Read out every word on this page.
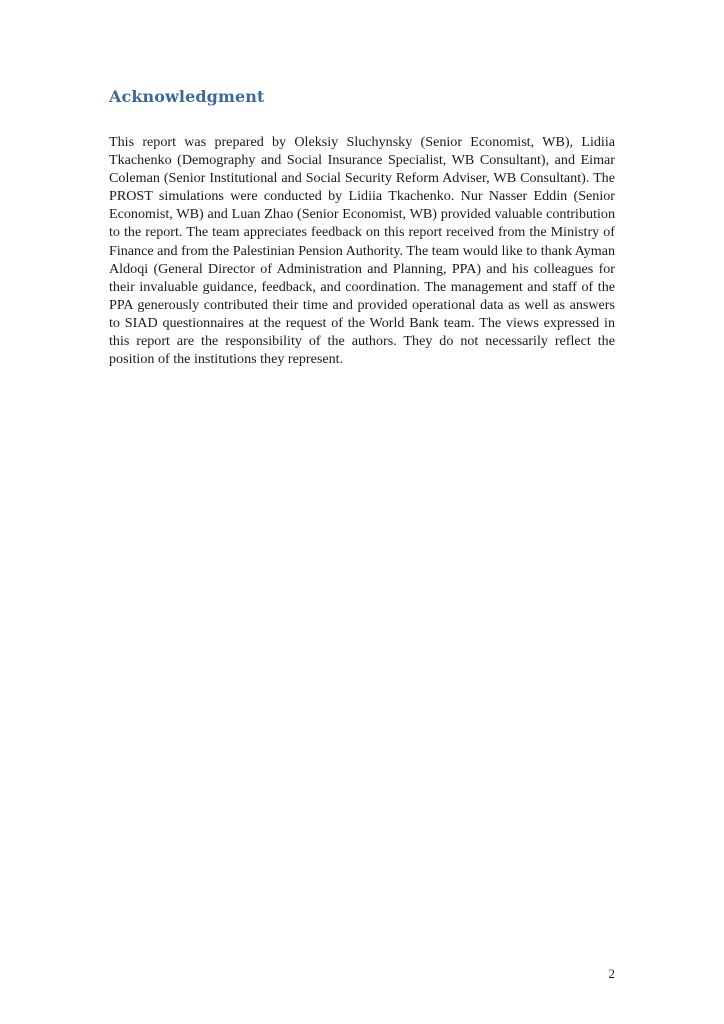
Acknowledgment

This report was prepared by Oleksiy Sluchynsky (Senior Economist, WB), Lidiia Tkachenko (Demography and Social Insurance Specialist, WB Consultant), and Eimar Coleman (Senior Institutional and Social Security Reform Adviser, WB Consultant). The PROST simulations were conducted by Lidiia Tkachenko. Nur Nasser Eddin (Senior Economist, WB) and Luan Zhao (Senior Economist, WB) provided valuable contribution to the report. The team appreciates feedback on this report received from the Ministry of Finance and from the Palestinian Pension Authority. The team would like to thank Ayman Aldoqi (General Director of Administration and Planning, PPA) and his colleagues for their invaluable guidance, feedback, and coordination. The management and staff of the PPA generously contributed their time and provided operational data as well as answers to SIAD questionnaires at the request of the World Bank team. The views expressed in this report are the responsibility of the authors. They do not necessarily reflect the position of the institutions they represent.

2
